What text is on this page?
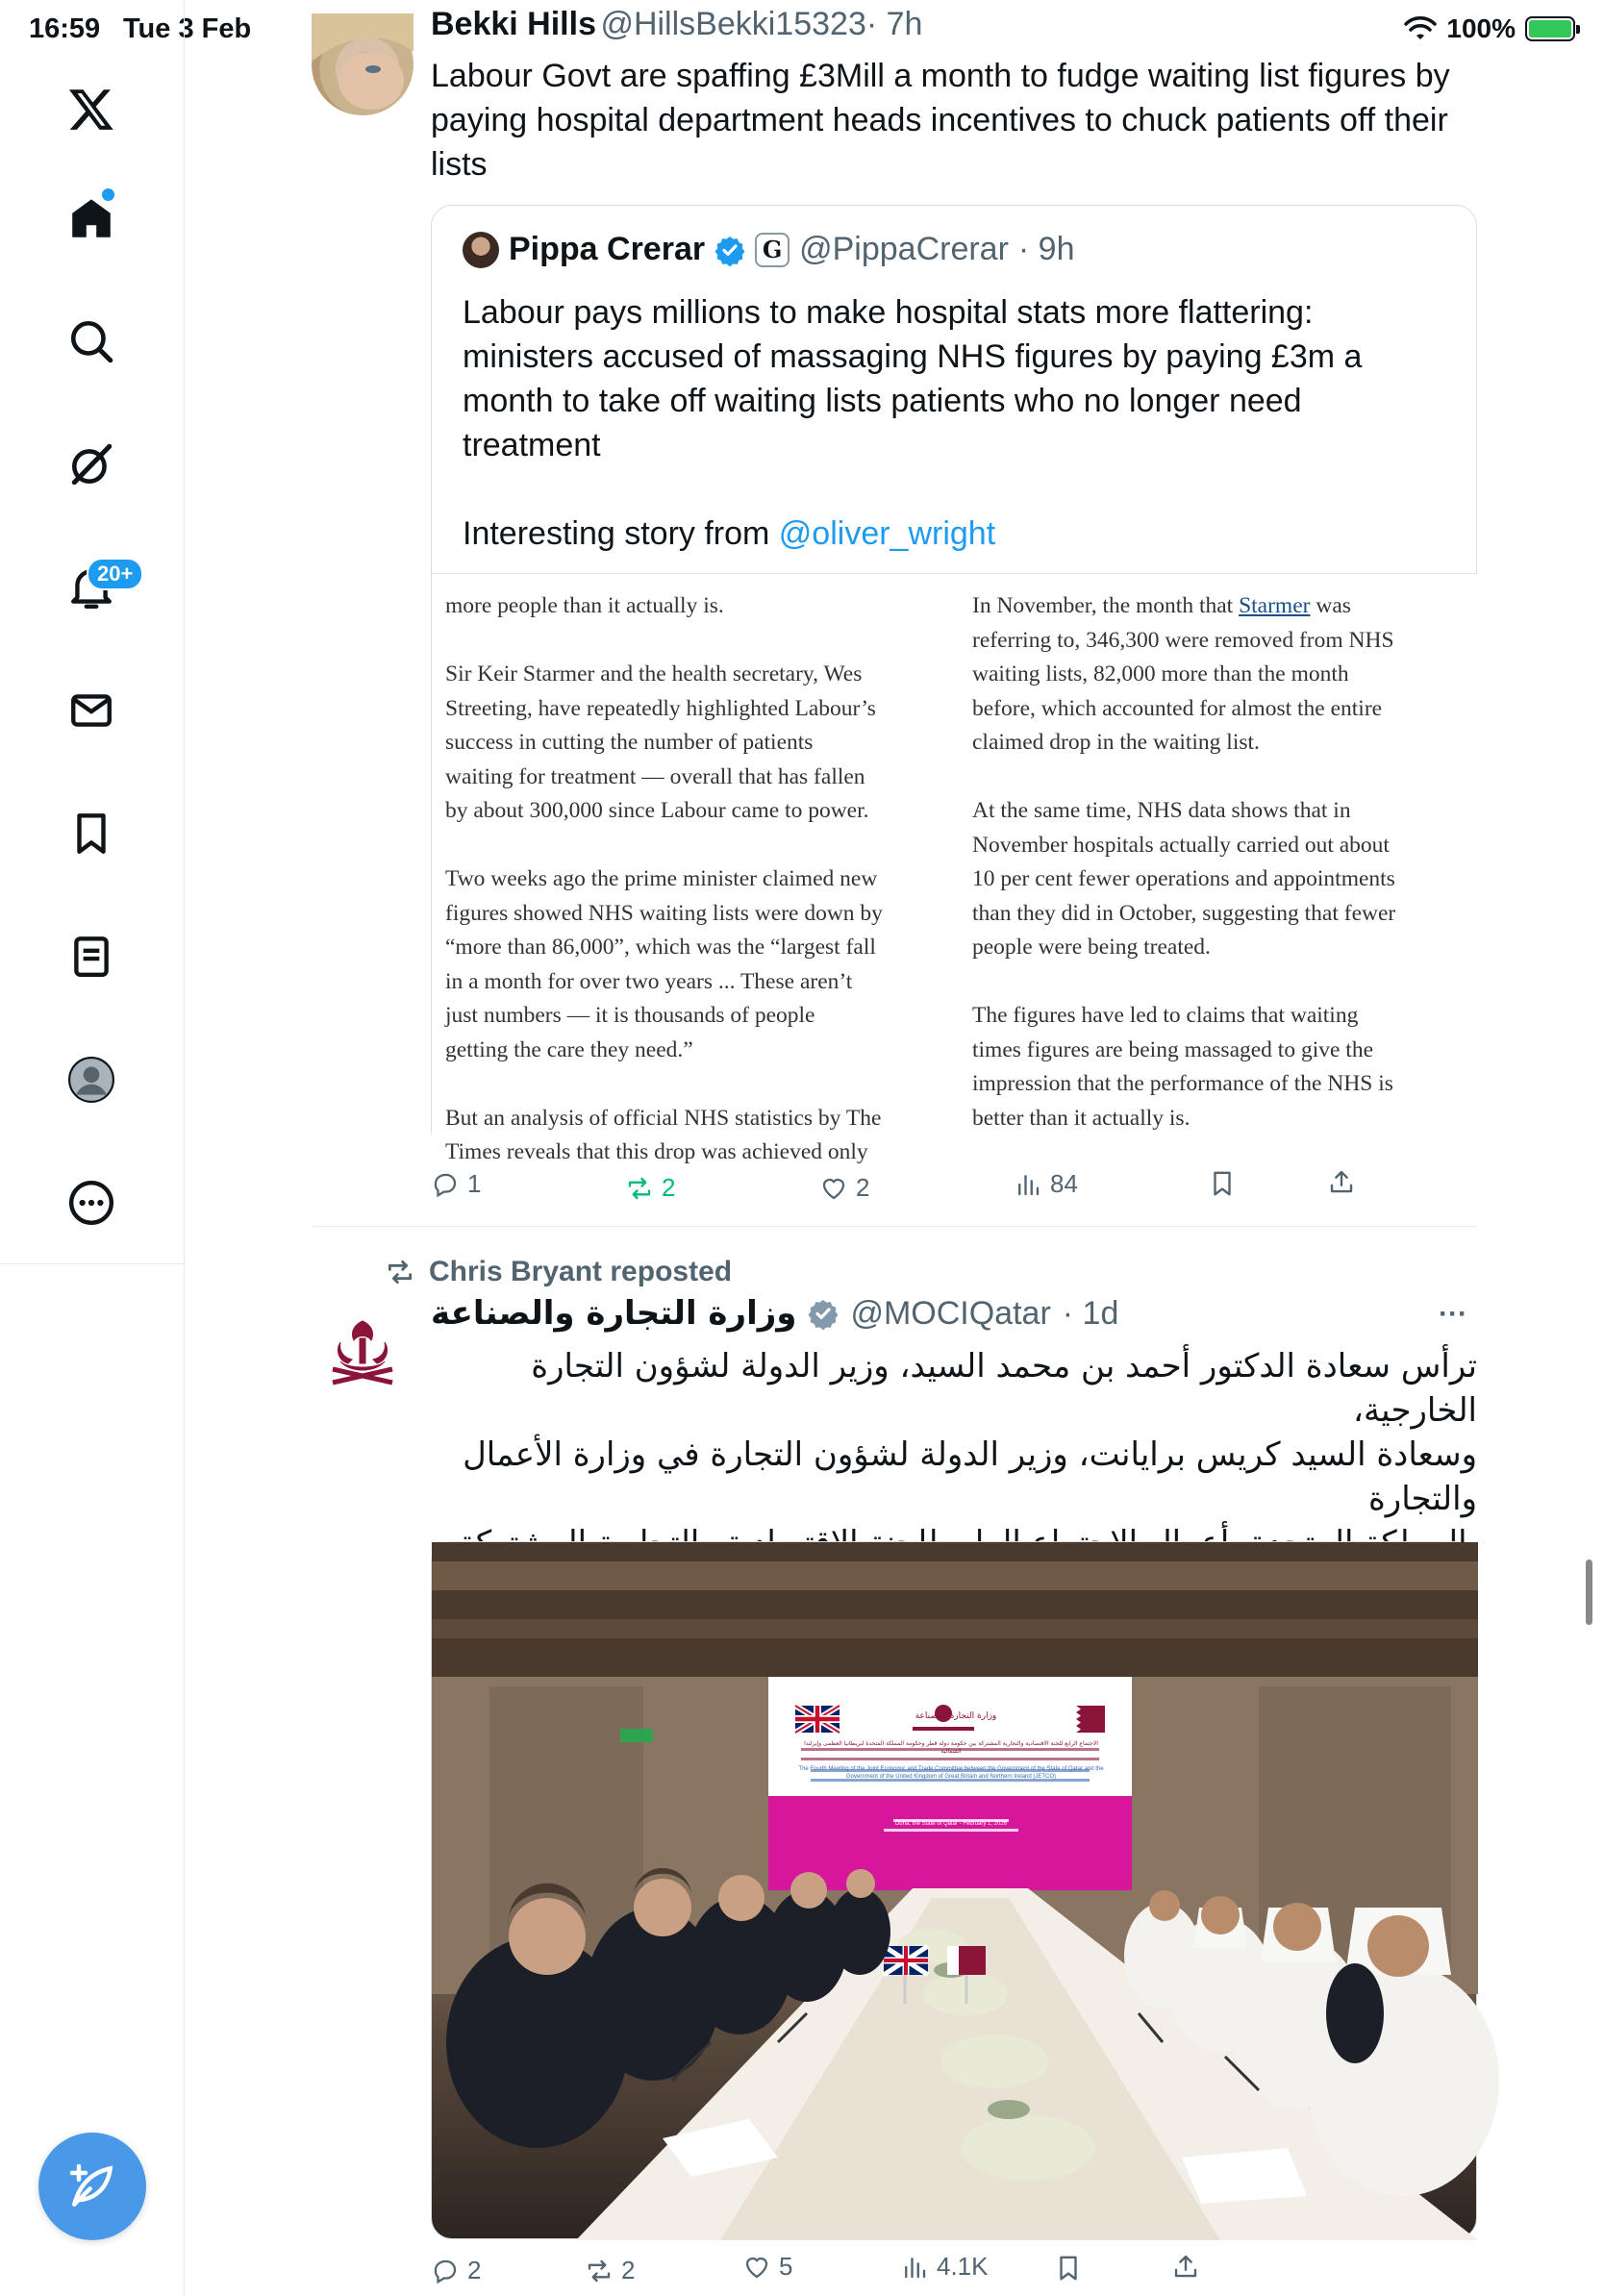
16:59 Tue 3 Feb	100%
20+
Bekki Hills @HillsBekki15323· 7h
Labour Govt are spaffing £3Mill a month to fudge waiting list figures by
paying hospital department heads incentives to chuck patients off their
lists
Pippa Crerar	G @PippaCrerar · 9h
Labour pays millions to make hospital stats more flattering:
ministers accused of massaging NHS figures by paying £3m a
month to take off waiting lists patients who no longer need
treatment
Interesting story from @oliver_wright

more people than it actually is.

Sir Keir Starmer and the health secretary, Wes
Streeting, have repeatedly highlighted Labour’s
success in cutting the number of patients
waiting for treatment — overall that has fallen
by about 300,000 since Labour came to power.

Two weeks ago the prime minister claimed new
figures showed NHS waiting lists were down by
“more than 86,000”, which was the “largest fall
in a month for over two years ... These aren’t
just numbers — it is thousands of people
getting the care they need.”

But an analysis of official NHS statistics by The
Times reveals that this drop was achieved only

In November, the month that Starmer was

referring to, 346,300 were removed from NHS
waiting lists, 82,000 more than the month
before, which accounted for almost the entire
claimed drop in the waiting list.

At the same time, NHS data shows that in
November hospitals actually carried out about
10 per cent fewer operations and appointments
than they did in October, suggesting that fewer
people were being treated.

The figures have led to claims that waiting
times figures are being massaged to give the
impression that the performance of the NHS is
better than it actually is.

1	2	2	84
Chris Bryant reposted
وزارة التجارة والصناعة @MOCIQatar · 1d	···
ترأس سعادة الدكتور أحمد بن محمد السيد، وزير الدولة لشؤون التجارة الخارجية،
وسعادة السيد كريس برايانت، وزير الدولة لشؤون التجارة في وزارة الأعمال والتجارة
وزارة التجارة والصناعة
الاجتماع الرابع للجنة الاقتصادية والتجارية المشتركة بين حكومة دولة قطر وحكومة المملكة المتحدة لبريطانيا العظمى وإيرلندا الشمالية
The Fourth Meeting of the Joint Economic and Trade Committee between the Government of the State of Qatar and the Government of the United Kingdom of Great Britain and Northern Ireland (JETCO)
Doha, the State of Qatar - February 1, 2026
2	2	5	4.1K
